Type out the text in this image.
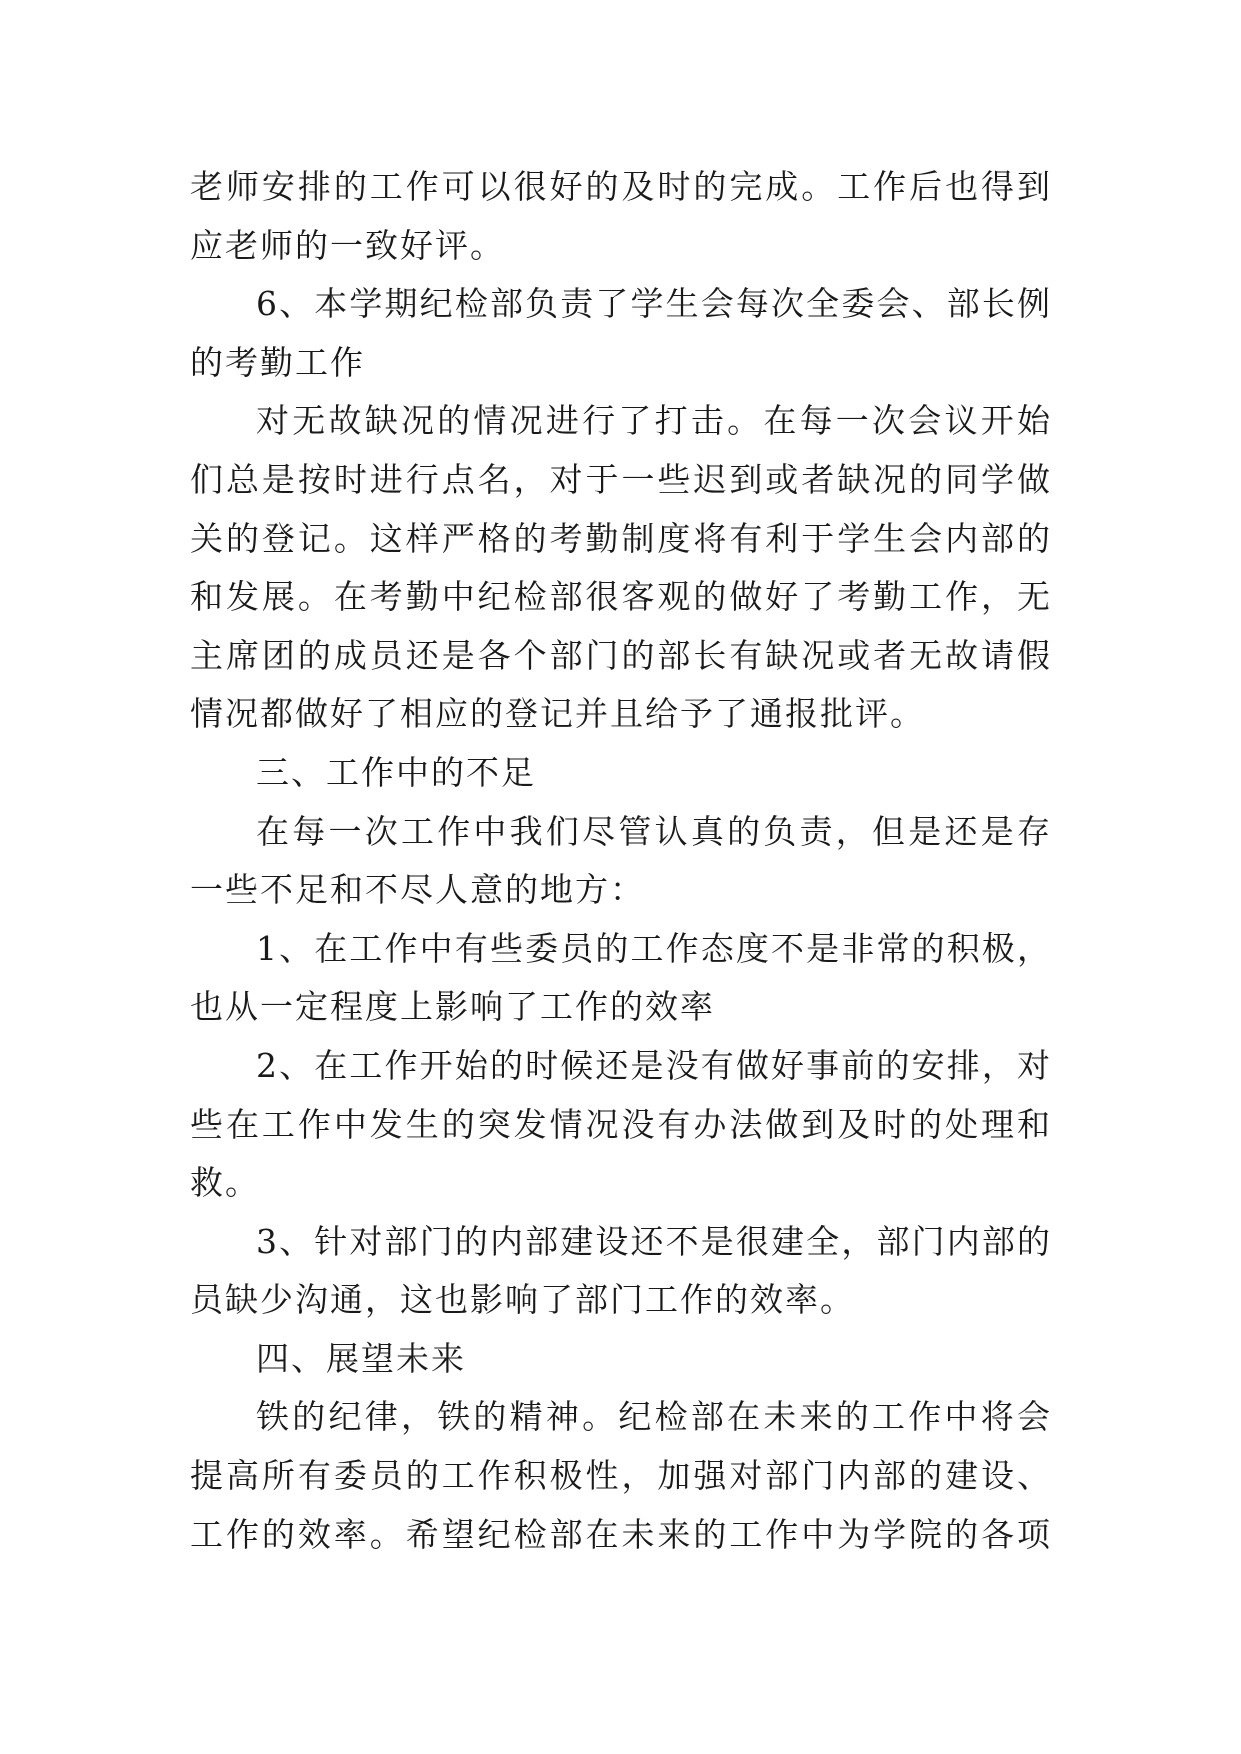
老师安排的工作可以很好的及时的完成。工作后也得到
应老师的一致好评。
6、本学期纪检部负责了学生会每次全委会、部长例
的考勤工作
对无故缺况的情况进行了打击。在每一次会议开始
们总是按时进行点名，对于一些迟到或者缺况的同学做
关的登记。这样严格的考勤制度将有利于学生会内部的
和发展。在考勤中纪检部很客观的做好了考勤工作，无
主席团的成员还是各个部门的部长有缺况或者无故请假
情况都做好了相应的登记并且给予了通报批评。
三、工作中的不足
在每一次工作中我们尽管认真的负责，但是还是存
一些不足和不尽人意的地方：
1、在工作中有些委员的工作态度不是非常的积极，
也从一定程度上影响了工作的效率
2、在工作开始的时候还是没有做好事前的安排，对
些在工作中发生的突发情况没有办法做到及时的处理和
救。
3、针对部门的内部建设还不是很建全，部门内部的
员缺少沟通，这也影响了部门工作的效率。
四、展望未来
铁的纪律，铁的精神。纪检部在未来的工作中将会
提高所有委员的工作积极性，加强对部门内部的建设、
工作的效率。希望纪检部在未来的工作中为学院的各项
